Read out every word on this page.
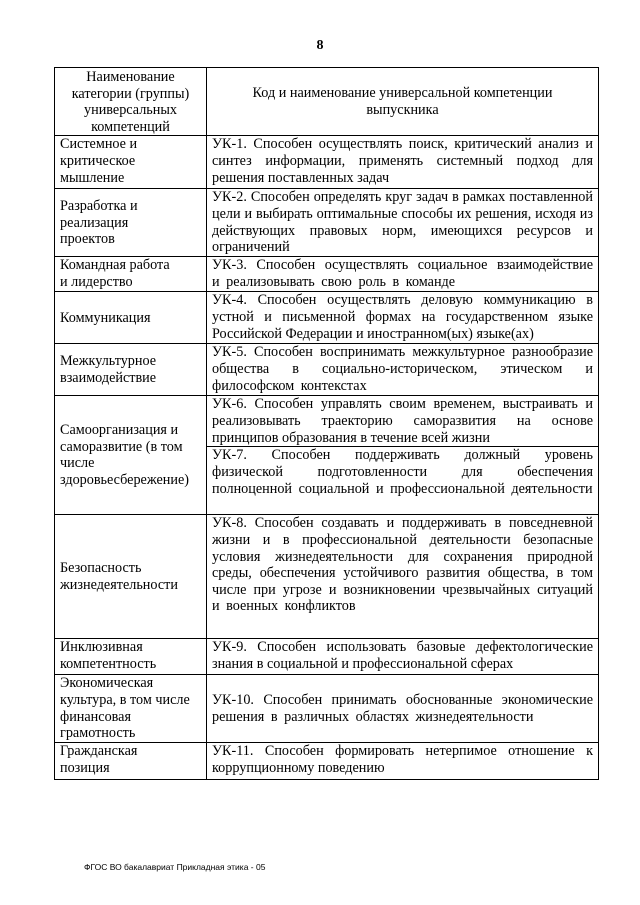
8
Наименование категории (группы) универсальных компетенций	Код и наименование универсальной компетенции выпускника
Системное и критическое мышление	УК-1. Способен осуществлять поиск, критический анализ и синтез информации, применять системный подход для решения поставленных задач
Разработка и реализация проектов	УК-2. Способен определять круг задач в рамках поставленной цели и выбирать оптимальные способы их решения, исходя из действующих правовых норм, имеющихся ресурсов и ограничений
Командная работа и лидерство	УК-3. Способен осуществлять социальное взаимодействие и реализовывать свою роль в команде
Коммуникация	УК-4. Способен осуществлять деловую коммуникацию в устной и письменной формах на государственном языке Российской Федерации и иностранном(ых) языке(ах)
Межкультурное взаимодействие	УК-5. Способен воспринимать межкультурное разнообразие общества в социально-историческом, этическом и философском контекстах
Самоорганизация и саморазвитие (в том числе здоровьесбережение)	УК-6. Способен управлять своим временем, выстраивать и реализовывать траекторию саморазвития на основе принципов образования в течение всей жизни
	УК-7. Способен поддерживать должный уровень физической подготовленности для обеспечения полноценной социальной и профессиональной деятельности
Безопасность жизнедеятельности	УК-8. Способен создавать и поддерживать в повседневной жизни и в профессиональной деятельности безопасные условия жизнедеятельности для сохранения природной среды, обеспечения устойчивого развития общества, в том числе при угрозе и возникновении чрезвычайных ситуаций и военных конфликтов
Инклюзивная компетентность	УК-9. Способен использовать базовые дефектологические знания в социальной и профессиональной сферах
Экономическая культура, в том числе финансовая грамотность	УК-10. Способен принимать обоснованные экономические решения в различных областях жизнедеятельности
Гражданская позиция	УК-11. Способен формировать нетерпимое отношение к коррупционному поведению
ФГОС ВО бакалавриат Прикладная этика - 05
